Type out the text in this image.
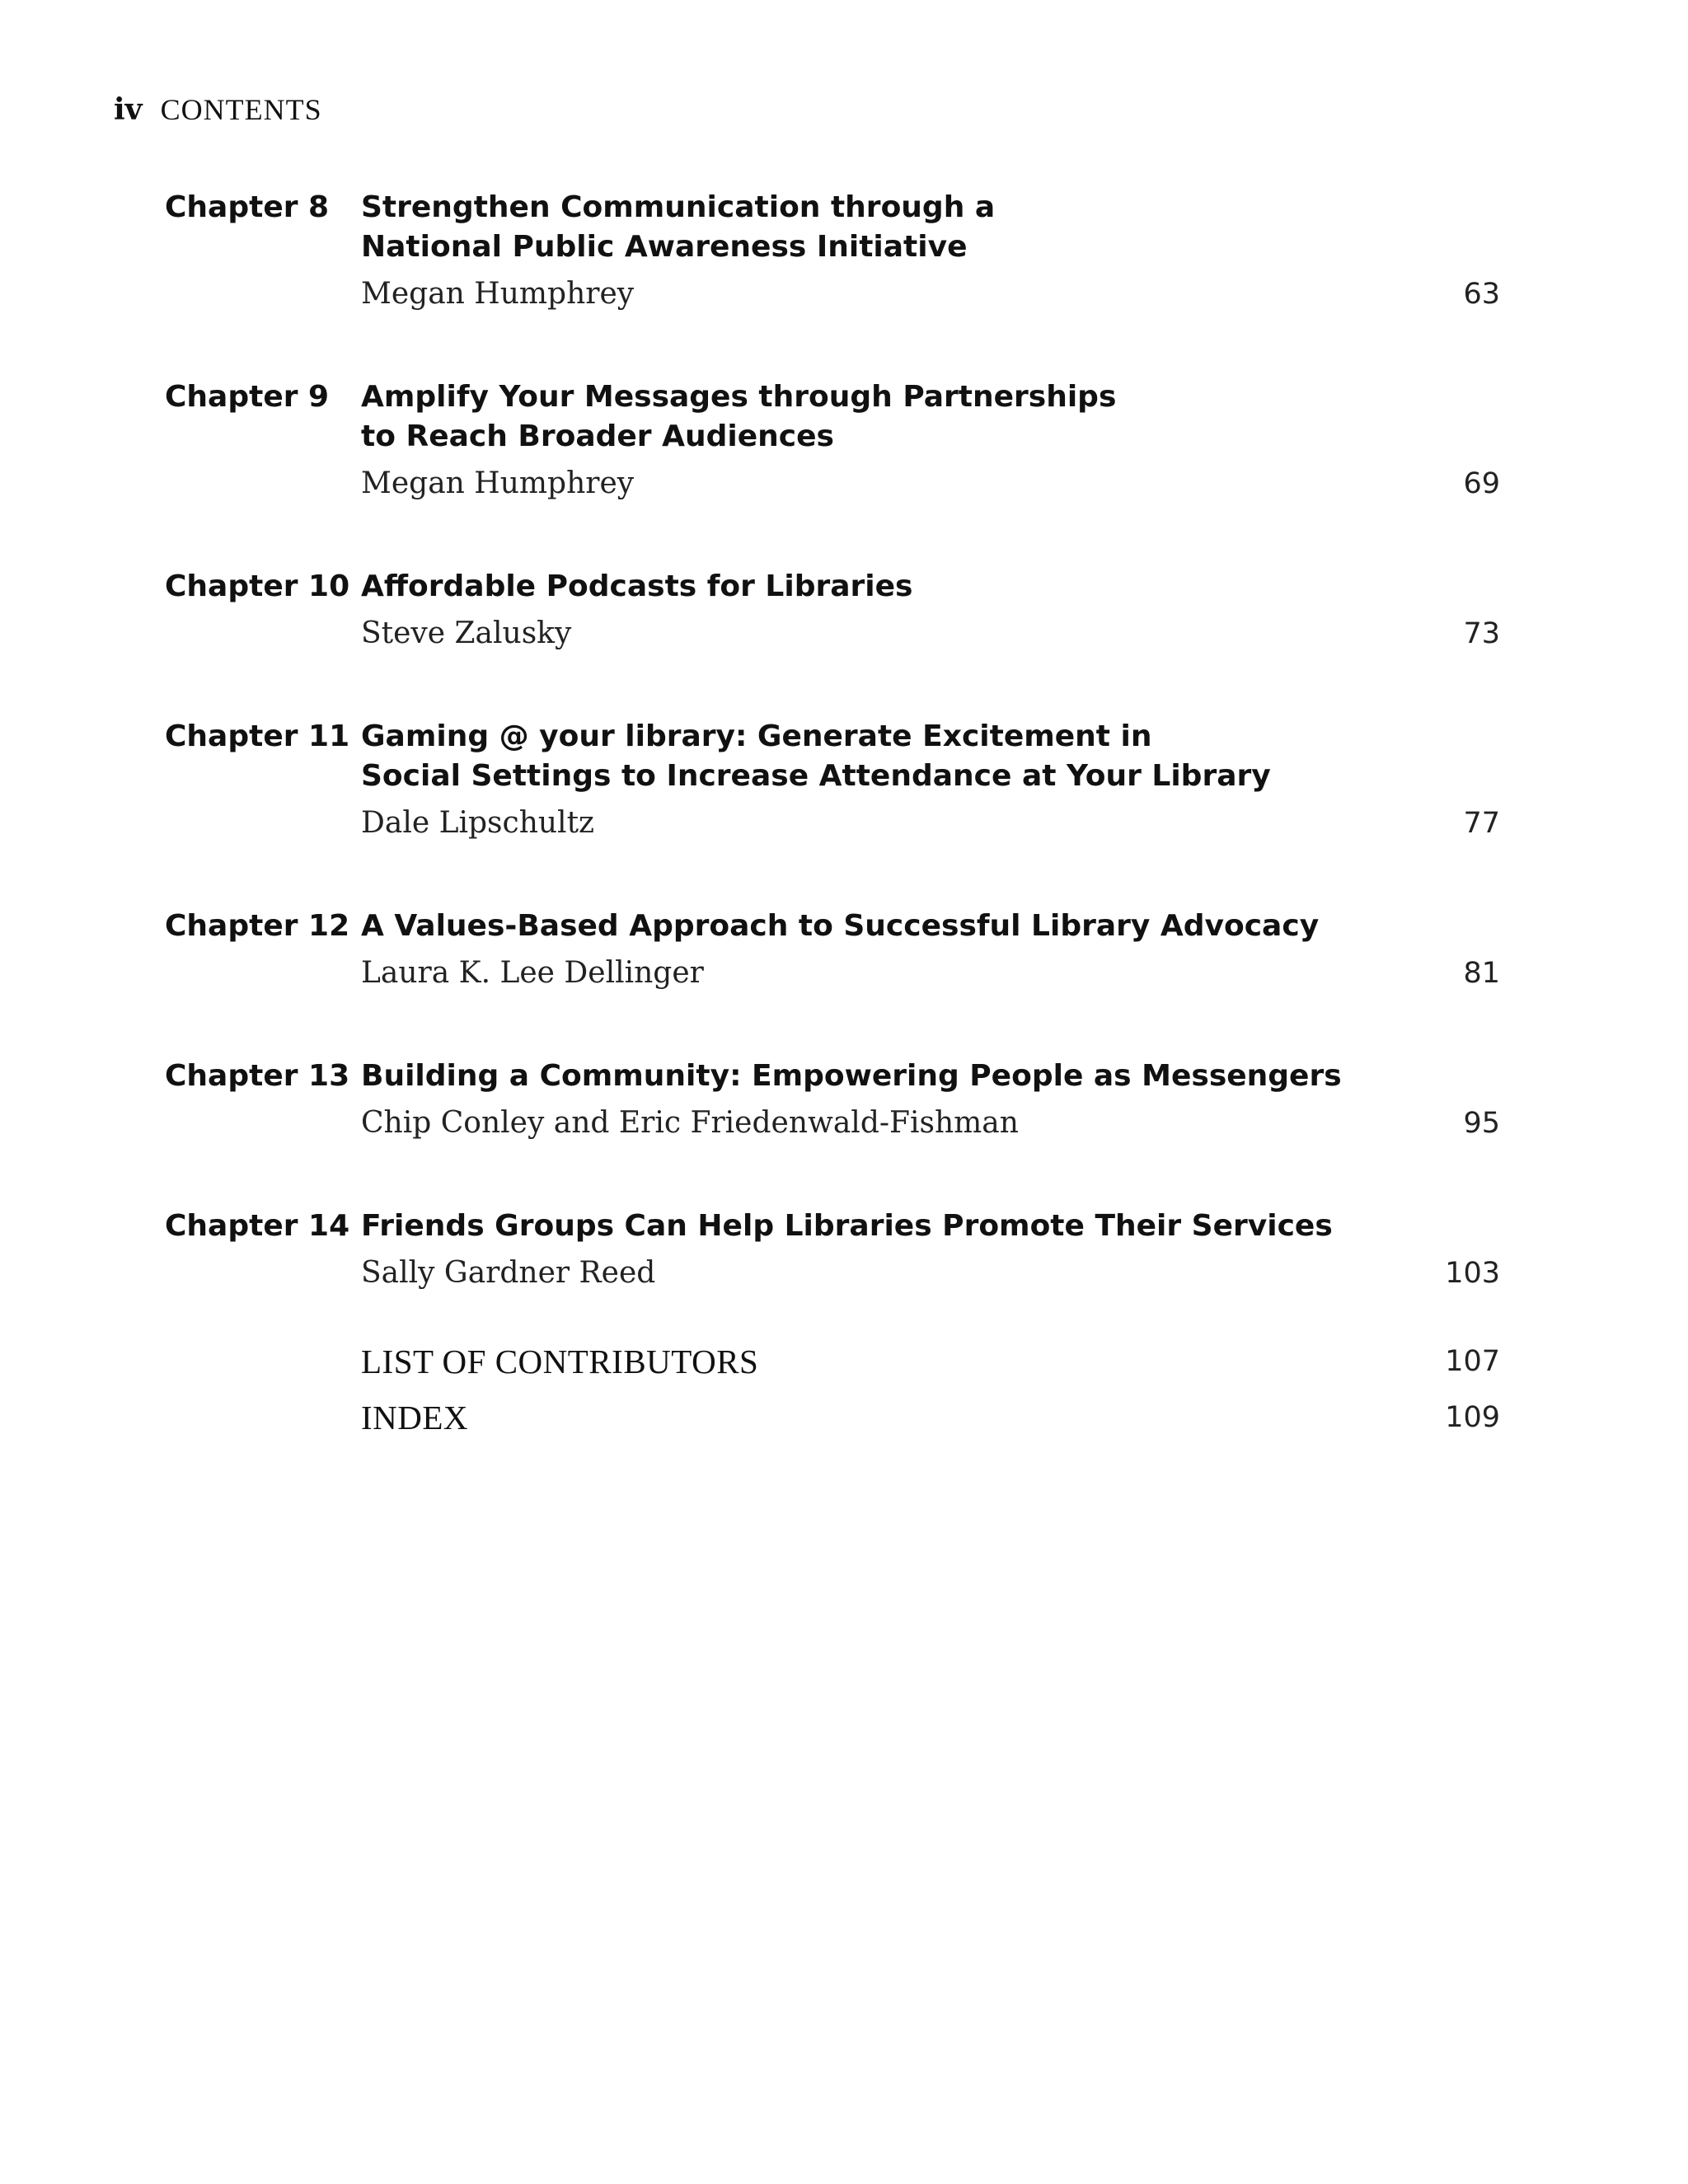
iv CONTENTS
Chapter 8 Strengthen Communication through a
National Public Awareness Initiative
Megan Humphrey	63
Chapter 9 Amplify Your Messages through Partnerships
to Reach Broader Audiences
Megan Humphrey	69
Chapter 10 Affordable Podcasts for Libraries
Steve Zalusky	73
Chapter 11 Gaming @ your library: Generate Excitement in
Social Settings to Increase Attendance at Your Library
Dale Lipschultz	77
Chapter 12 A Values-Based Approach to Successful Library Advocacy
Laura K. Lee Dellinger	81
Chapter 13 Building a Community: Empowering People as Messengers
Chip Conley and Eric Friedenwald-Fishman	95
Chapter 14 Friends Groups Can Help Libraries Promote Their Services
Sally Gardner Reed	103
LIST OF CONTRIBUTORS	107
INDEX	109
